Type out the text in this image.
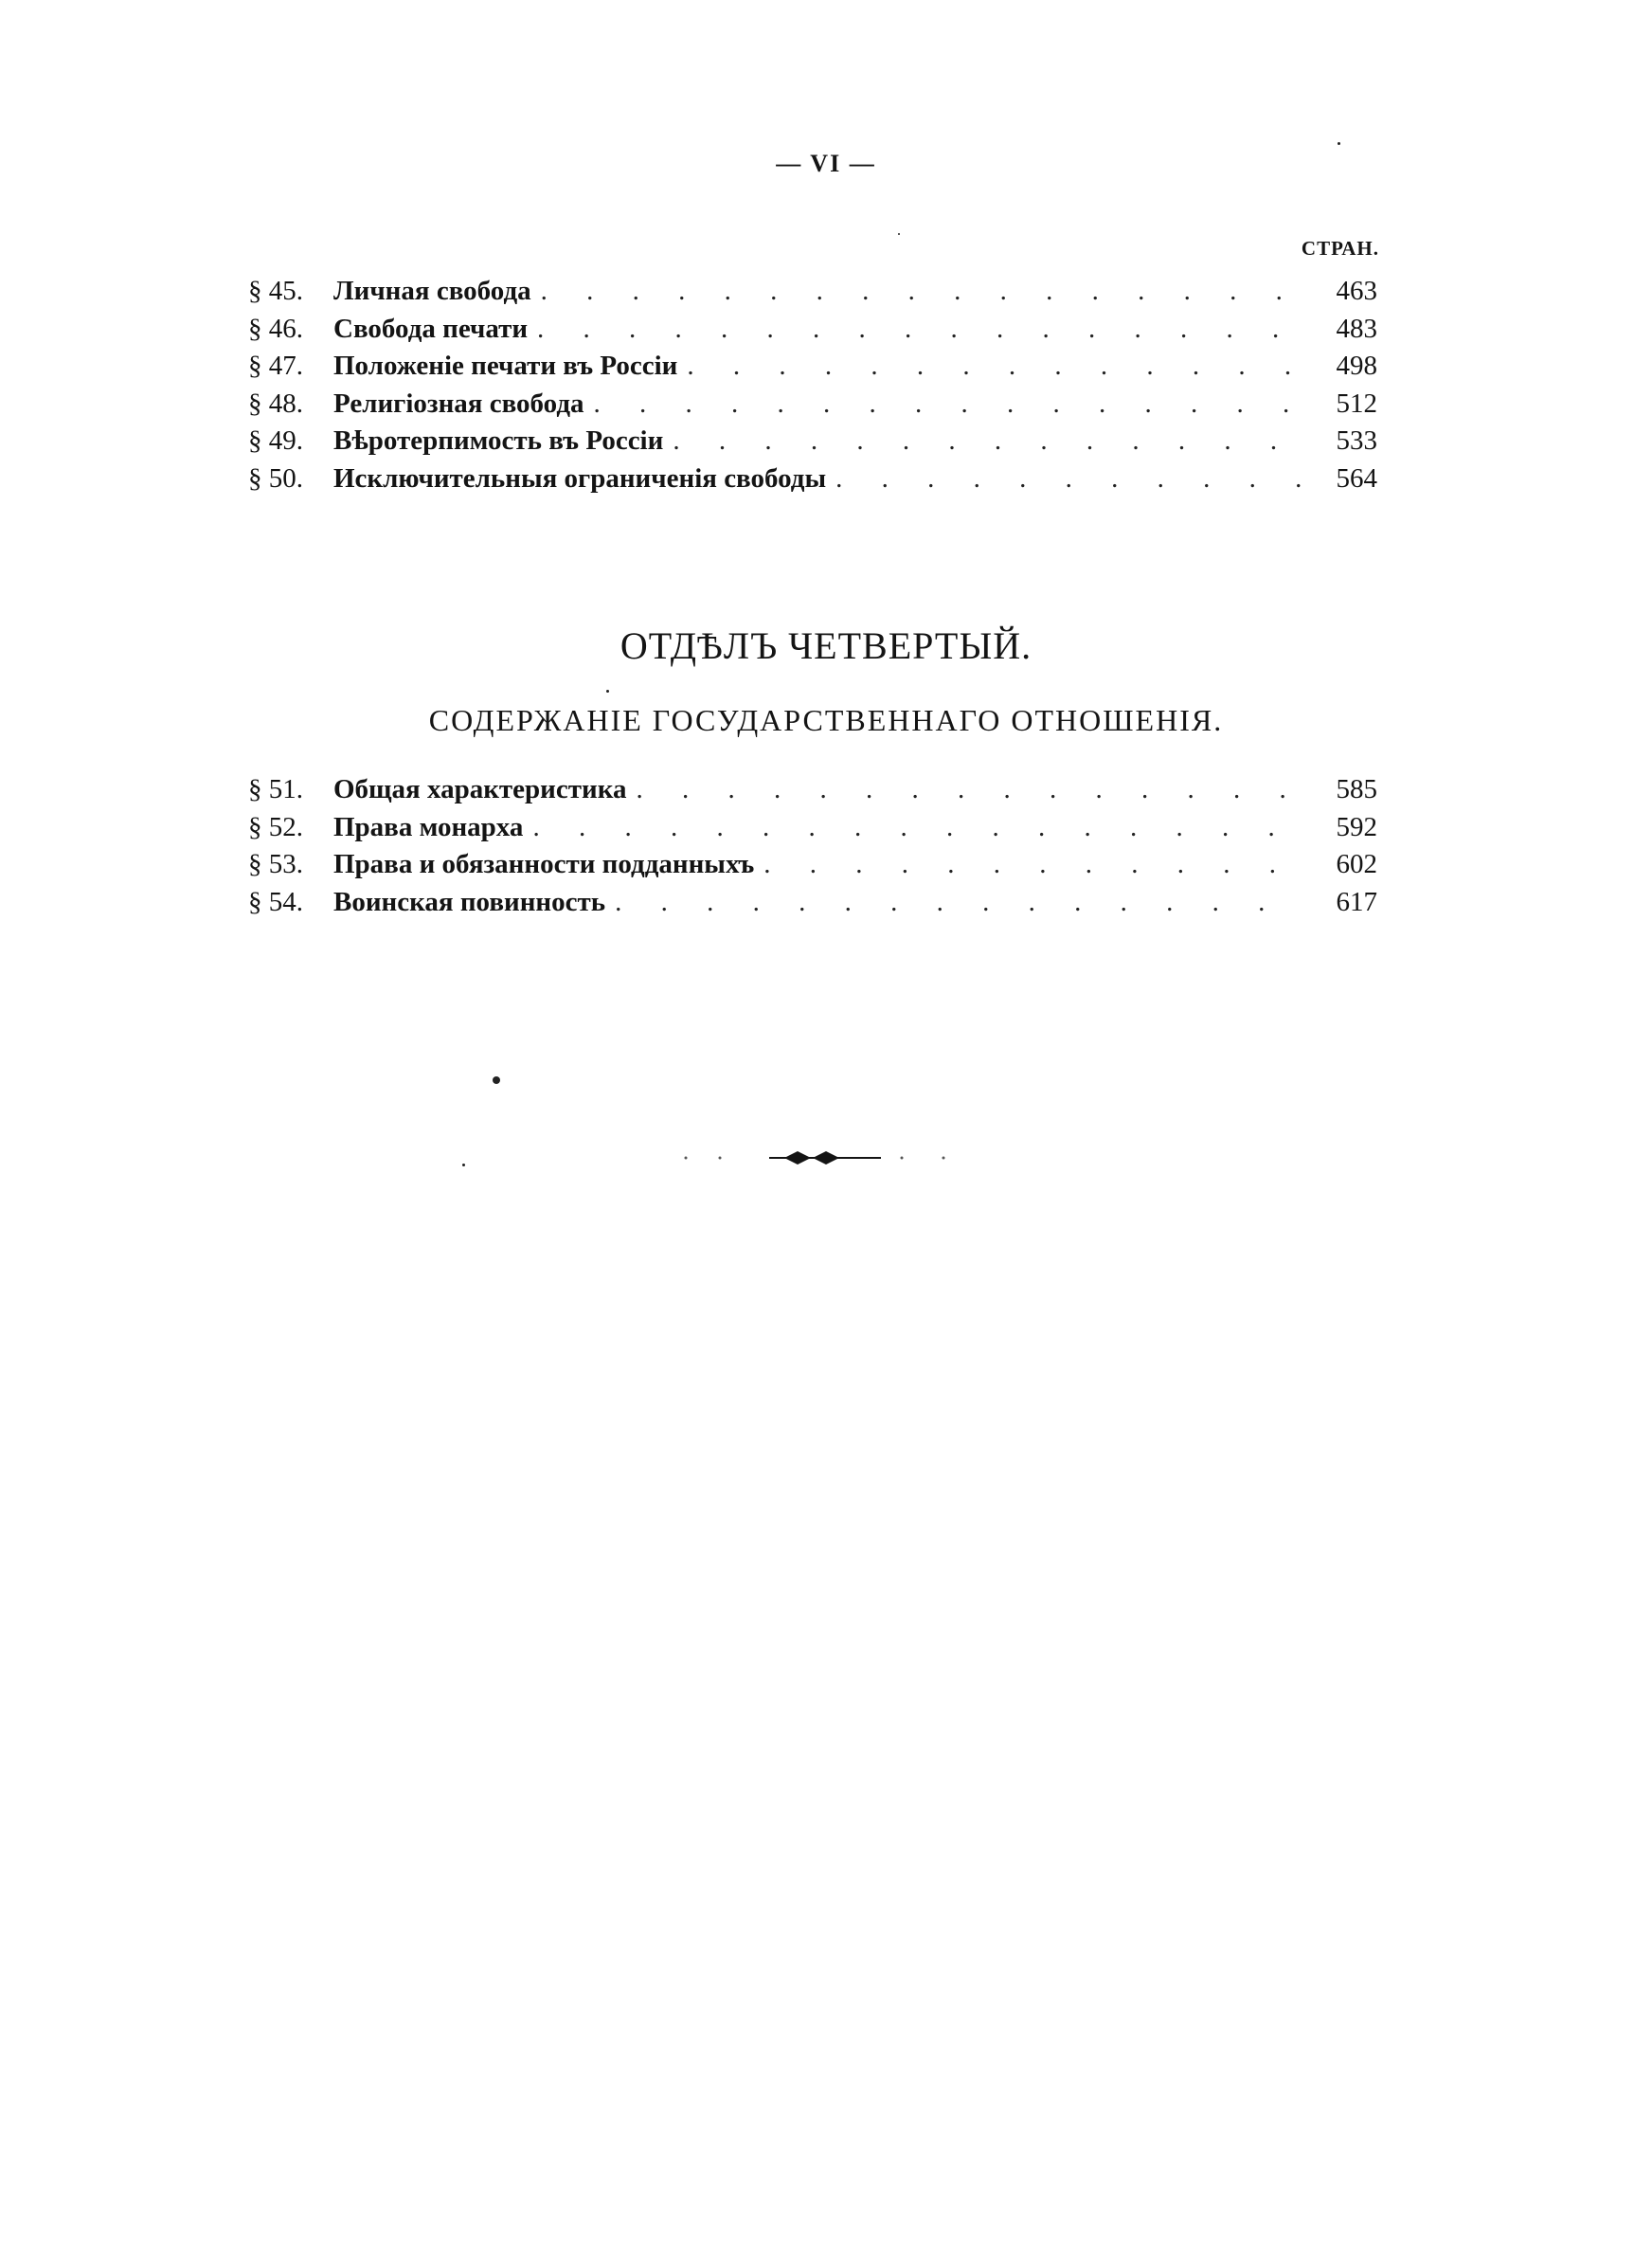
— VI —
СТРАН.
§ 45.	Личная свобода . . .	463
§ 46.	Свобода печати . . .	483
§ 47.	Положеніе печати въ Россіи . . .	498
§ 48.	Религіозная свобода . . .	512
§ 49.	Вѣротерпимость въ Россіи . . .	533
§ 50.	Исключительныя ограниченія свободы . . .	564
ОТДѢЛЪ ЧЕТВЕРТЫЙ.
СОДЕРЖАНІЕ ГОСУДАРСТВЕННАГО ОТНОШЕНІЯ.
§ 51.	Общая характеристика . . .	585
§ 52.	Права монарха . . .	592
§ 53.	Права и обязанности подданныхъ . . .	602
§ 54.	Воинская повинность . . .	617
